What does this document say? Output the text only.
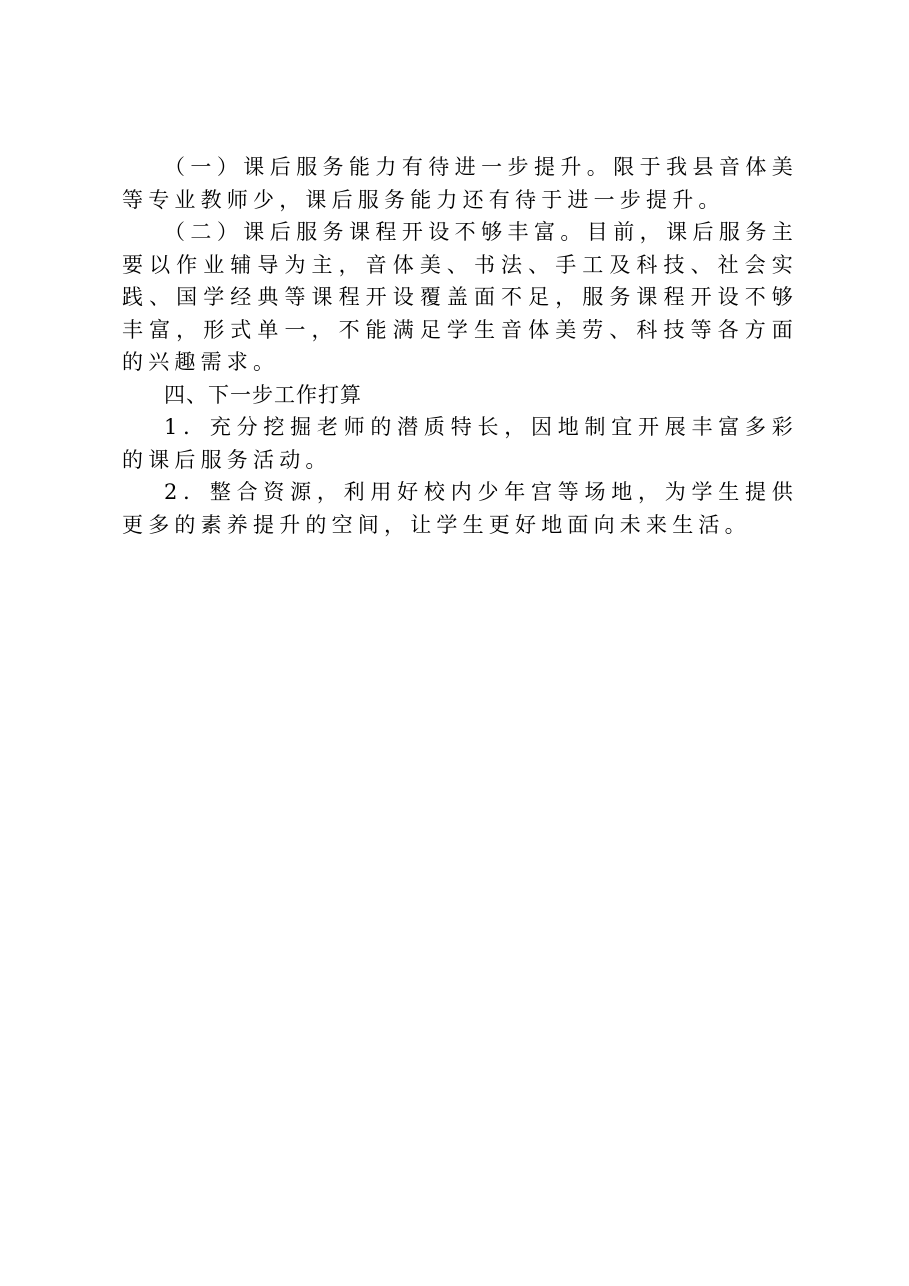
（一）课后服务能力有待进一步提升。限于我县音体美等专业教师少，课后服务能力还有待于进一步提升。

（二）课后服务课程开设不够丰富。目前，课后服务主要以作业辅导为主，音体美、书法、手工及科技、社会实践、国学经典等课程开设覆盖面不足，服务课程开设不够丰富，形式单一，不能满足学生音体美劳、科技等各方面的兴趣需求。

四、下一步工作打算

1．充分挖掘老师的潜质特长，因地制宜开展丰富多彩的课后服务活动。

2．整合资源，利用好校内少年宫等场地，为学生提供更多的素养提升的空间，让学生更好地面向未来生活。
